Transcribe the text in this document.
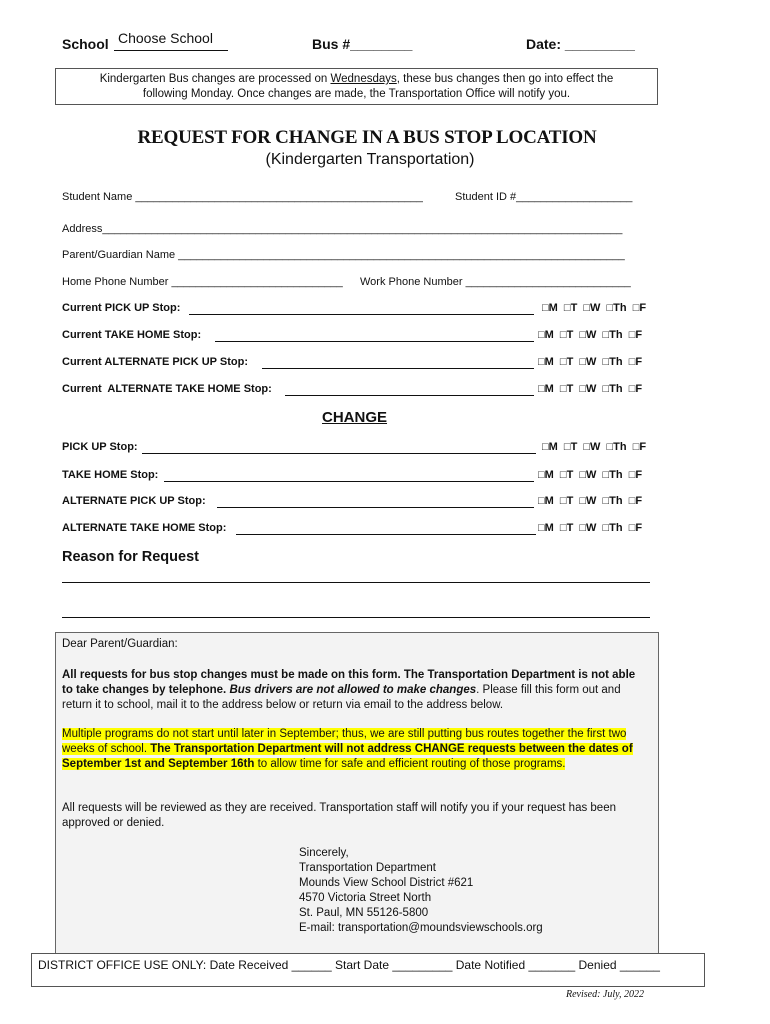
School Choose School	Bus #________	Date: _________
Kindergarten Bus changes are processed on Wednesdays, these bus changes then go into effect the
following Monday. Once changes are made, the Transportation Office will notify you.
REQUEST FOR CHANGE IN A BUS STOP LOCATION
(Kindergarten Transportation)
Student Name _______________________________________________	Student ID #___________________
Address_____________________________________________________________________________________
Parent/Guardian Name _________________________________________________________________________
Home Phone Number ____________________________ Work Phone Number ___________________________
Current PICK UP Stop:	□M  □T  □W  □Th  □F
Current TAKE HOME Stop:	□M  □T  □W  □Th  □F
Current ALTERNATE PICK UP Stop:	□M  □T  □W  □Th  □F
Current  ALTERNATE TAKE HOME Stop:	□M  □T  □W  □Th  □F
CHANGE
PICK UP Stop:	□M  □T  □W  □Th  □F
TAKE HOME Stop:	□M  □T  □W  □Th  □F
ALTERNATE PICK UP Stop:	□M  □T  □W  □Th  □F
ALTERNATE TAKE HOME Stop:	□M  □T  □W  □Th  □F
Reason for Request

Dear Parent/Guardian:

All requests for bus stop changes must be made on this form. The Transportation Department is not able to take changes by telephone. Bus drivers are not allowed to make changes. Please fill this form out and return it to school, mail it to the address below or return via email to the address below.

Multiple programs do not start until later in September; thus, we are still putting bus routes together the first two weeks of school. The Transportation Department will not address CHANGE requests between the dates of September 1st and September 16th to allow time for safe and efficient routing of those programs.

All requests will be reviewed as they are received. Transportation staff will notify you if your request has been approved or denied.

Sincerely,
Transportation Department
Mounds View School District #621
4570 Victoria Street North
St. Paul, MN 55126-5800
E-mail: transportation@moundsviewschools.org
DISTRICT OFFICE USE ONLY: Date Received ______ Start Date _________ Date Notified _______ Denied ______
Revised: July, 2022
